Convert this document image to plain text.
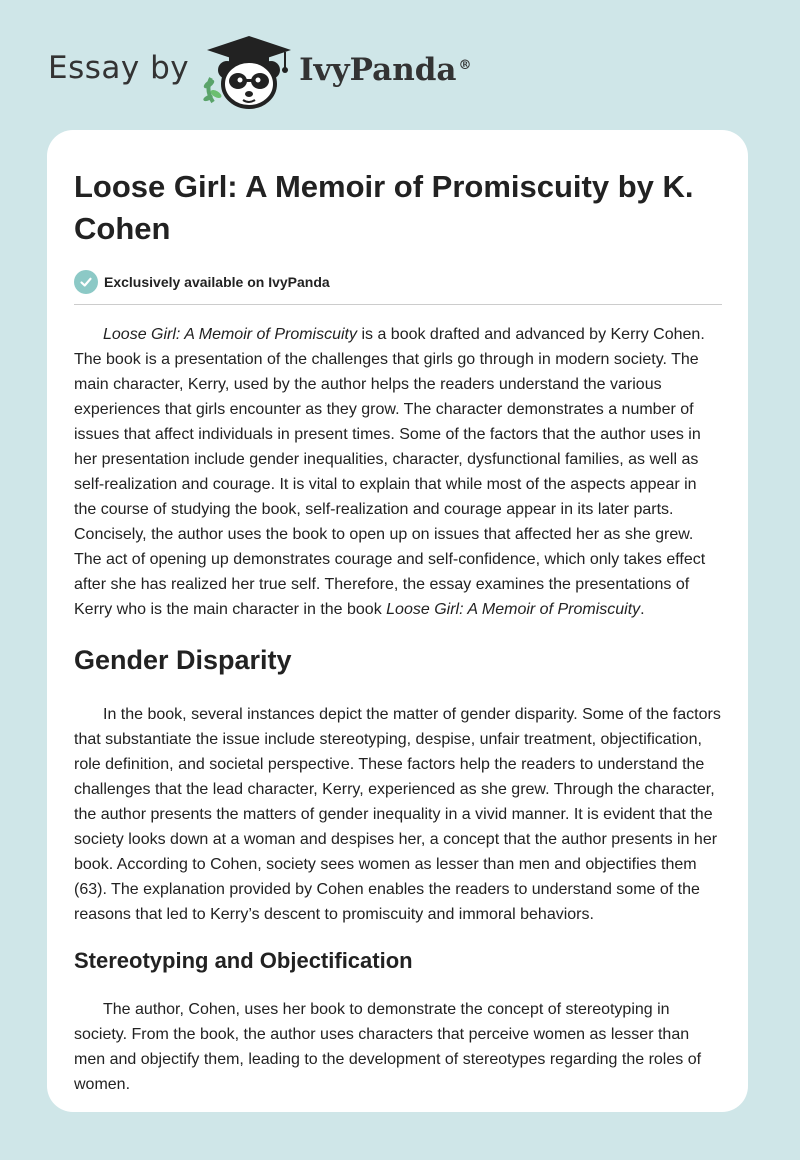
Essay by	IvyPanda ®
Loose Girl: A Memoir of Promiscuity by K. Cohen
Exclusively available on IvyPanda

Loose Girl: A Memoir of Promiscuity is a book drafted and advanced by Kerry Cohen. The book is a presentation of the challenges that girls go through in modern society. The main character, Kerry, used by the author helps the readers understand the various experiences that girls encounter as they grow. The character demonstrates a number of issues that affect individuals in present times. Some of the factors that the author uses in her presentation include gender inequalities, character, dysfunctional families, as well as self-realization and courage. It is vital to explain that while most of the aspects appear in the course of studying the book, self-realization and courage appear in its later parts. Concisely, the author uses the book to open up on issues that affected her as she grew. The act of opening up demonstrates courage and self-confidence, which only takes effect after she has realized her true self. Therefore, the essay examines the presentations of Kerry who is the main character in the book Loose Girl: A Memoir of Promiscuity.

Gender Disparity

In the book, several instances depict the matter of gender disparity. Some of the factors that substantiate the issue include stereotyping, despise, unfair treatment, objectification, role definition, and societal perspective. These factors help the readers to understand the challenges that the lead character, Kerry, experienced as she grew. Through the character, the author presents the matters of gender inequality in a vivid manner. It is evident that the society looks down at a woman and despises her, a concept that the author presents in her book. According to Cohen, society sees women as lesser than men and objectifies them (63). The explanation provided by Cohen enables the readers to understand some of the reasons that led to Kerry’s descent to promiscuity and immoral behaviors.

Stereotyping and Objectification

The author, Cohen, uses her book to demonstrate the concept of stereotyping in society. From the book, the author uses characters that perceive women as lesser than men and objectify them, leading to the development of stereotypes regarding the roles of women.
